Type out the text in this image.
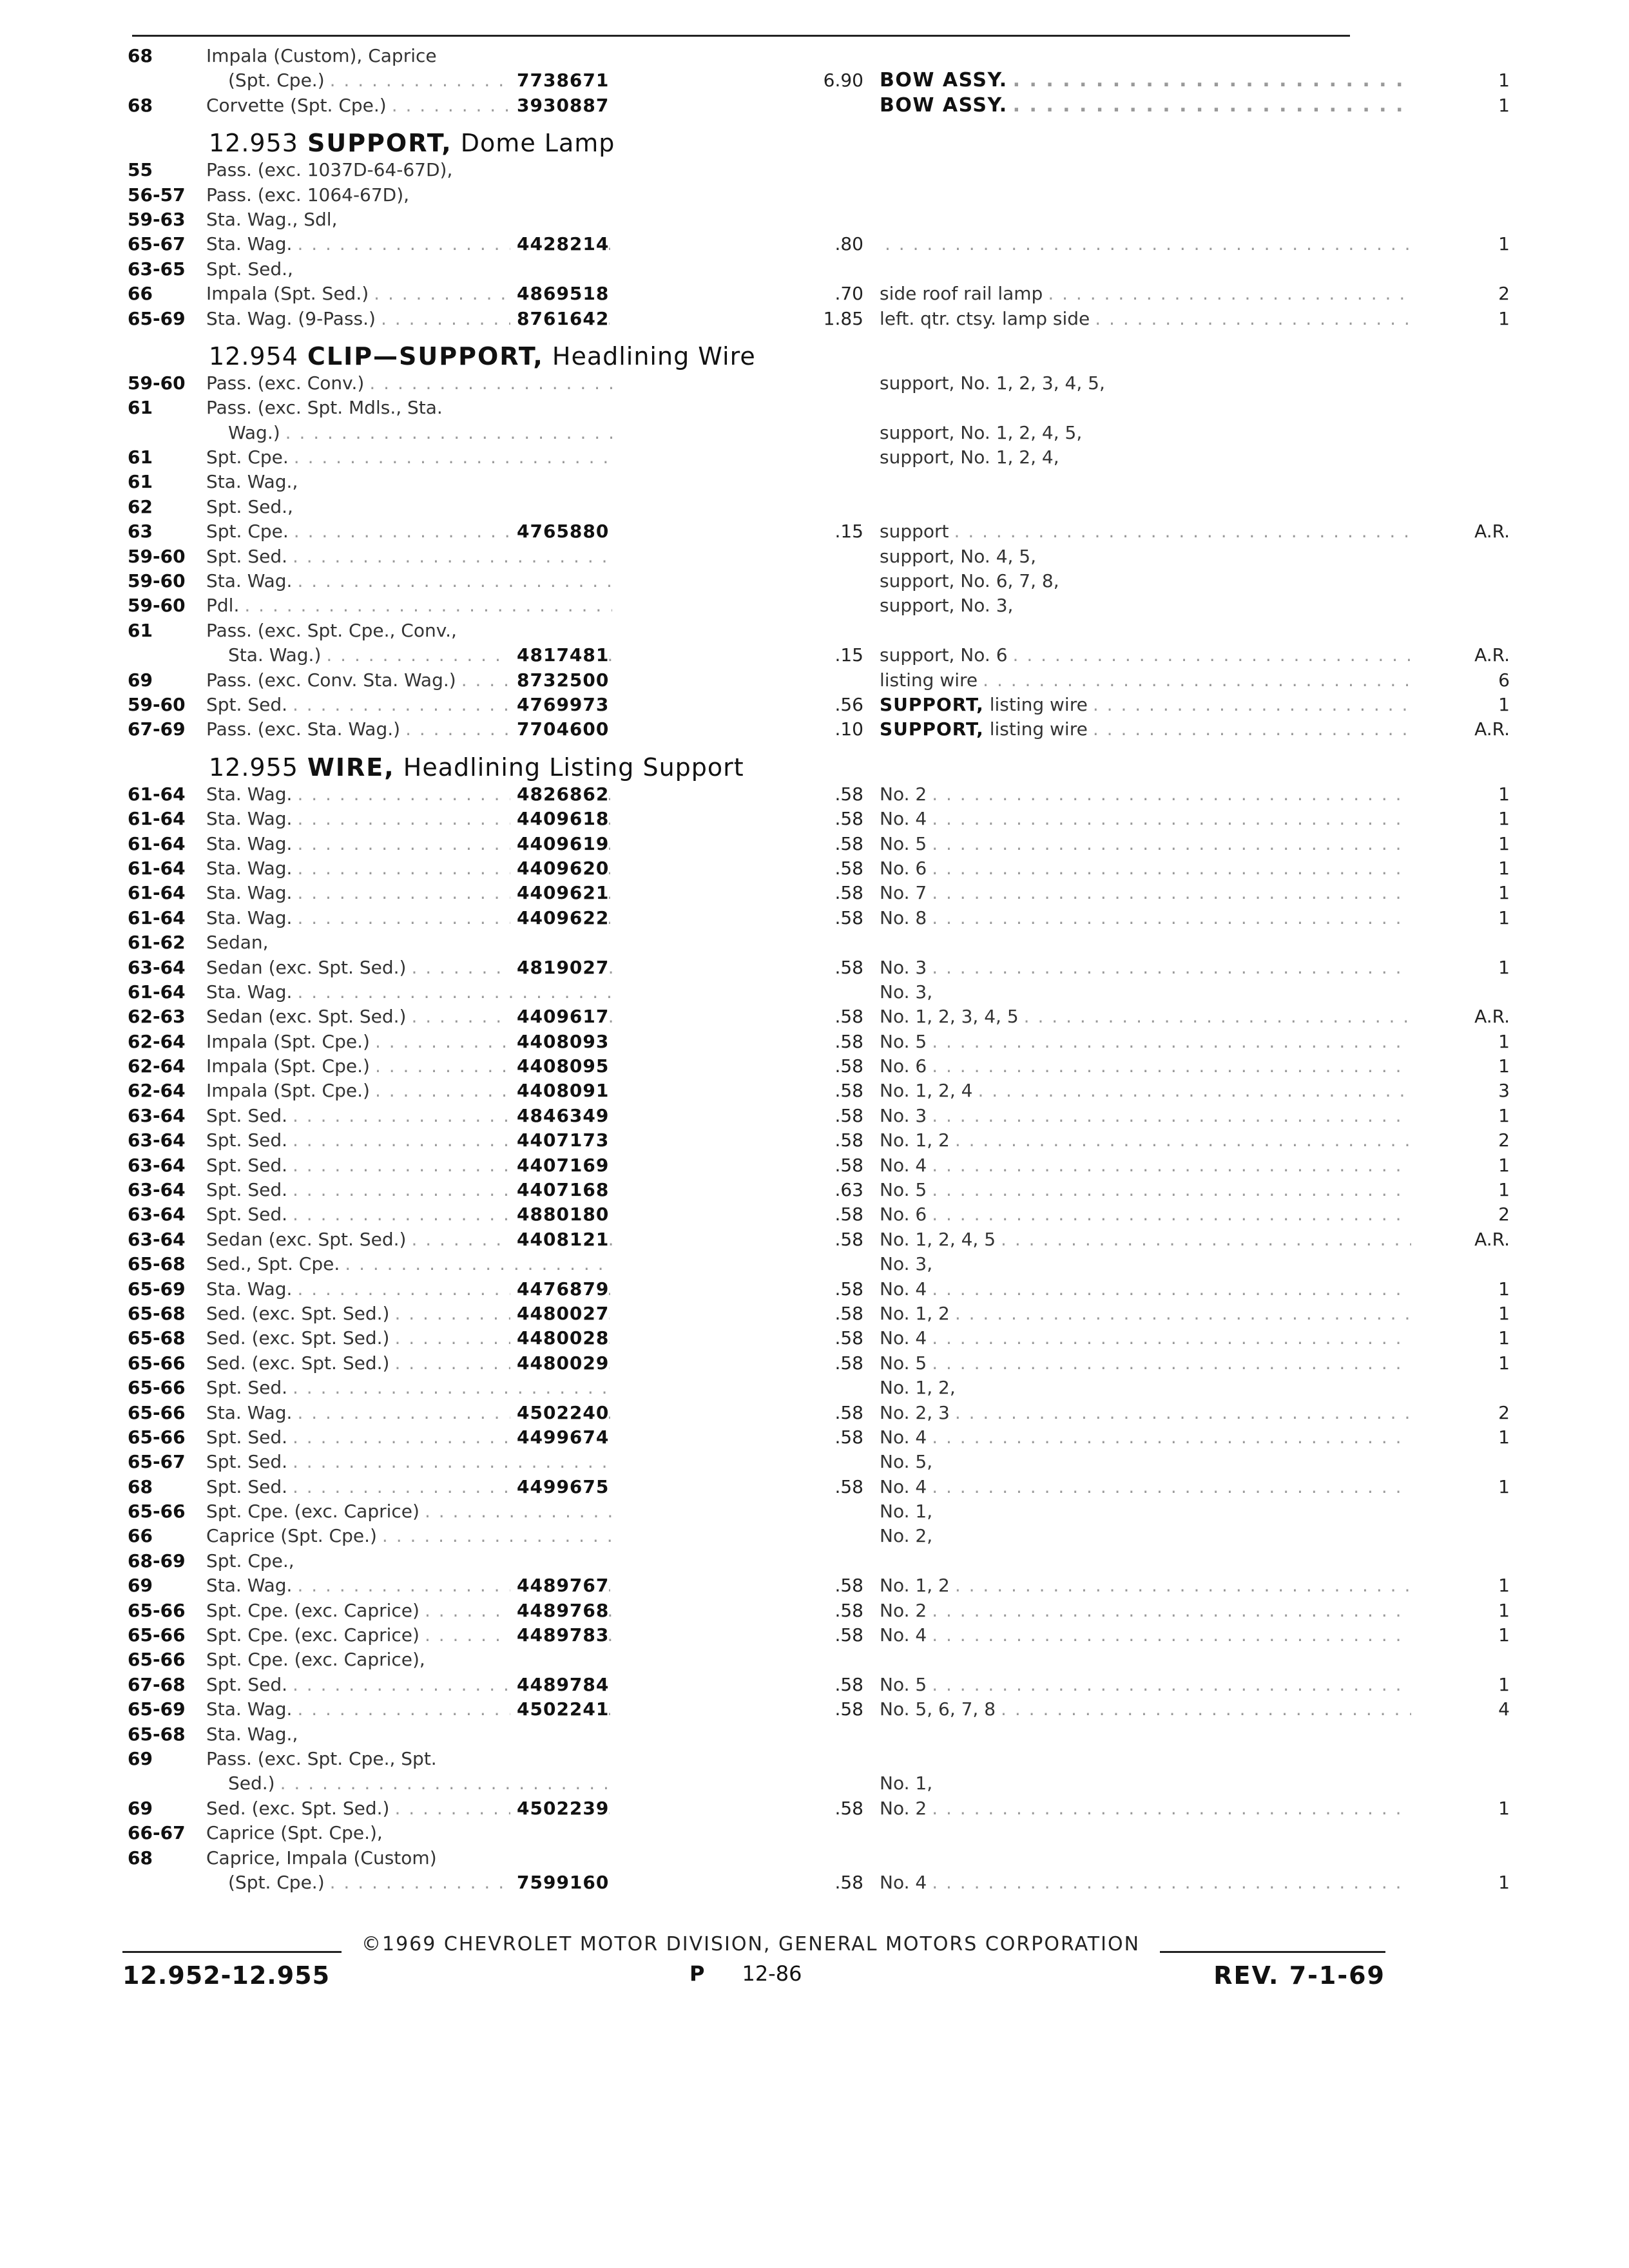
68	Impala (Custom), Caprice
(Spt. Cpe.) . . .	7738671	6.90 BOW ASSY. . . .	1
68	Corvette (Spt. Cpe.) . . .	3930887	BOW ASSY. . . .	1
12.953 SUPPORT, Dome Lamp
55	Pass. (exc. 1037D-64-67D),
56-57 Pass. (exc. 1064-67D),
59-63 Sta. Wag., Sdl,
65-67 Sta. Wag. . . .	4428214	.80 . . .	1
63-65 Spt. Sed.,
66	Impala (Spt. Sed.) . . .	4869518	.70 side roof rail lamp . . .	2
65-69 Sta. Wag. (9-Pass.) . . .	8761642	1.85 left. qtr. ctsy. lamp side . . .	1
12.954 CLIP—SUPPORT, Headlining Wire
59-60 Pass. (exc. Conv.) . . .	support, No. 1, 2, 3, 4, 5,
61	Pass. (exc. Spt. Mdls., Sta.
Wag.) . . .	support, No. 1, 2, 4, 5,
61	Spt. Cpe. . . .	support, No. 1, 2, 4,
61	Sta. Wag.,
62	Spt. Sed.,
63	Spt. Cpe. . . .	4765880	.15 support . . .	A.R.
59-60 Spt. Sed. . . .	support, No. 4, 5,
59-60 Sta. Wag. . . .	support, No. 6, 7, 8,
59-60 Pdl. . . .	support, No. 3,
61	Pass. (exc. Spt. Cpe., Conv.,
Sta. Wag.) . . .	4817481	.15 support, No. 6 . . .	A.R.
69	Pass. (exc. Conv. Sta. Wag.) . . .	8732500	listing wire . . .	6
59-60 Spt. Sed. . . .	4769973	.56 SUPPORT, listing wire . . .	1
67-69 Pass. (exc. Sta. Wag.) . . .	7704600	.10 SUPPORT, listing wire . . .	A.R.
12.955 WIRE, Headlining Listing Support
61-64 Sta. Wag. . . .	4826862	.58 No. 2 . . .	1
61-64 Sta. Wag. . . .	4409618	.58 No. 4 . . .	1
61-64 Sta. Wag. . . .	4409619	.58 No. 5 . . .	1
61-64 Sta. Wag. . . .	4409620	.58 No. 6 . . .	1
61-64 Sta. Wag. . . .	4409621	.58 No. 7 . . .	1
61-64 Sta. Wag. . . .	4409622	.58 No. 8 . . .	1
61-62 Sedan,
63-64 Sedan (exc. Spt. Sed.) . . .	4819027	.58 No. 3 . . .	1
61-64 Sta. Wag. . . .	No. 3,
62-63 Sedan (exc. Spt. Sed.) . . .	4409617	.58 No. 1, 2, 3, 4, 5 . . .	A.R.
62-64 Impala (Spt. Cpe.) . . .	4408093	.58 No. 5 . . .	1
62-64 Impala (Spt. Cpe.) . . .	4408095	.58 No. 6 . . .	1
62-64 Impala (Spt. Cpe.) . . .	4408091	.58 No. 1, 2, 4 . . .	3
63-64 Spt. Sed. . . .	4846349	.58 No. 3 . . .	1
63-64 Spt. Sed. . . .	4407173	.58 No. 1, 2 . . .	2
63-64 Spt. Sed. . . .	4407169	.58 No. 4 . . .	1
63-64 Spt. Sed. . . .	4407168	.63 No. 5 . . .	1
63-64 Spt. Sed. . . .	4880180	.58 No. 6 . . .	2
63-64 Sedan (exc. Spt. Sed.) . . .	4408121	.58 No. 1, 2, 4, 5 . . .	A.R.
65-68 Sed., Spt. Cpe. . . .	No. 3,
65-69 Sta. Wag. . . .	4476879	.58 No. 4 . . .	1
65-68 Sed. (exc. Spt. Sed.) . . .	4480027	.58 No. 1, 2 . . .	1
65-68 Sed. (exc. Spt. Sed.) . . .	4480028	.58 No. 4 . . .	1
65-66 Sed. (exc. Spt. Sed.) . . .	4480029	.58 No. 5 . . .	1
65-66 Spt. Sed. . . .	No. 1, 2,
65-66 Sta. Wag. . . .	4502240	.58 No. 2, 3 . . .	2
65-66 Spt. Sed. . . .	4499674	.58 No. 4 . . .	1
65-67 Spt. Sed. . . .	No. 5,
68	Spt. Sed. . . .	4499675	.58 No. 4 . . .	1
65-66 Spt. Cpe. (exc. Caprice) . . .	No. 1,
66	Caprice (Spt. Cpe.) . . .	No. 2,
68-69 Spt. Cpe.,
69	Sta. Wag. . . .	4489767	.58 No. 1, 2 . . .	1
65-66 Spt. Cpe. (exc. Caprice) . . .	4489768	.58 No. 2 . . .	1
65-66 Spt. Cpe. (exc. Caprice) . . .	4489783	.58 No. 4 . . .	1
65-66 Spt. Cpe. (exc. Caprice),
67-68 Spt. Sed. . . .	4489784	.58 No. 5 . . .	1
65-69 Sta. Wag. . . .	4502241	.58 No. 5, 6, 7, 8 . . .	4
65-68 Sta. Wag.,
69	Pass. (exc. Spt. Cpe., Spt.
Sed.) . . .	No. 1,
69	Sed. (exc. Spt. Sed.) . . .	4502239	.58 No. 2 . . .	1
66-67 Caprice (Spt. Cpe.),
68	Caprice, Impala (Custom)
(Spt. Cpe.) . . .	7599160	.58 No. 4 . . .	1
©1969 CHEVROLET MOTOR DIVISION, GENERAL MOTORS CORPORATION
12.952-12.955	P 12-86	REV. 7-1-69
